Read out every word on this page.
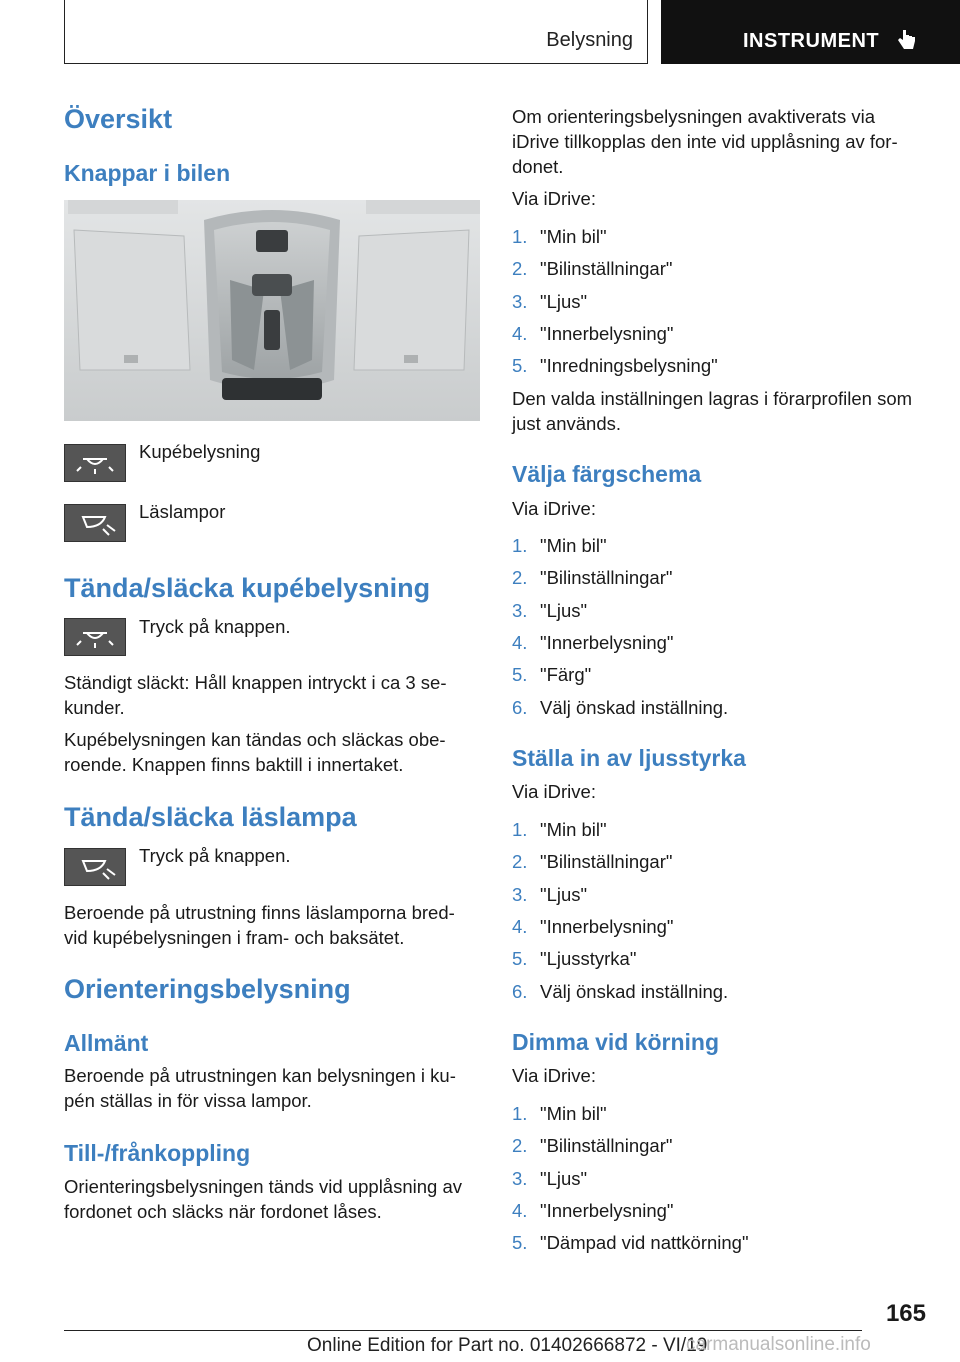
Belysning	INSTRUMENT
Översikt
Knappar i bilen

Kupébelysning

Läslampor

Tända/släcka kupébelysning

Tryck på knappen.

Ständigt släckt: Håll knappen intryckt i ca 3 se‐

kunder.

Kupébelysningen kan tändas och släckas obe‐

roende. Knappen finns baktill i innertaket.

Tända/släcka läslampa

Tryck på knappen.

Beroende på utrustning finns läslamporna bred‐

vid kupébelysningen i fram- och baksätet.

Orienteringsbelysning
Allmänt

Beroende på utrustningen kan belysningen i ku‐

pén ställas in för vissa lampor.

Till-/frånkoppling

Orienteringsbelysningen tänds vid upplåsning av

fordonet och släcks när fordonet låses.

Om orienteringsbelysningen avaktiverats via

iDrive tillkopplas den inte vid upplåsning av for‐

donet.

Via iDrive:

1. "Min bil"
2. "Bilinställningar"
3. "Ljus"
4. "Innerbelysning"
5. "Inredningsbelysning"

Den valda inställningen lagras i förarprofilen som

just används.

Välja färgschema

Via iDrive:

1. "Min bil"
2. "Bilinställningar"
3. "Ljus"
4. "Innerbelysning"
5. "Färg"
6. Välj önskad inställning.
Ställa in av ljusstyrka

Via iDrive:

1. "Min bil"
2. "Bilinställningar"
3. "Ljus"
4. "Innerbelysning"
5. "Ljusstyrka"
6. Välj önskad inställning.
Dimma vid körning

Via iDrive:

1. "Min bil"
2. "Bilinställningar"
3. "Ljus"
4. "Innerbelysning"
5. "Dämpad vid nattkörning"
165
Online Edition for Part no. 01402666872 - VI/19
carmanualsonline.info
